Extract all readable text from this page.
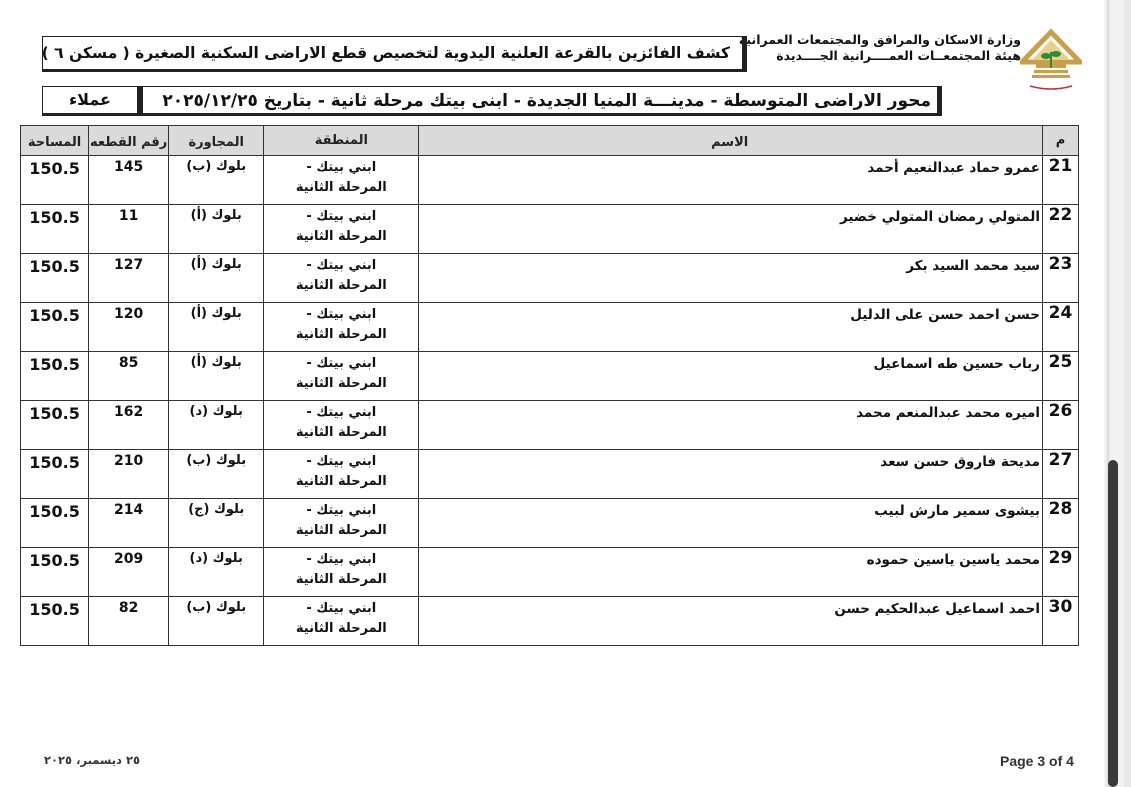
وزارة الاسكان والمرافق والمجتمعات العمرانية
هيئة المجتمعــات العمــــرانية الجــــديدة
كشف الفائزين بالقرعة العلنية اليدوية لتخصيص قطع الاراضى السكنية الصغيرة ( مسكن ٦ )
محور الاراضى المتوسطة - مدينـــة المنيا الجديدة - ابنى بيتك مرحلة ثانية - بتاريخ ٢٠٢٥/١٢/٢٥
عملاء
م	الاسم	المنطقة	المجاورة	رقم القطعه	المساحة
21	عمرو حماد عبدالنعيم أحمد	ابني بيتك - المرحلة الثانية	بلوك (ب)	145	150.5
22	المتولي رمضان المتولي خضير	ابني بيتك - المرحلة الثانية	بلوك (أ)	11	150.5
23	سيد محمد السيد بكر	ابني بيتك - المرحلة الثانية	بلوك (أ)	127	150.5
24	حسن احمد حسن على الدليل	ابني بيتك - المرحلة الثانية	بلوك (أ)	120	150.5
25	رباب حسين طه اسماعيل	ابني بيتك - المرحلة الثانية	بلوك (أ)	85	150.5
26	اميره محمد عبدالمنعم محمد	ابني بيتك - المرحلة الثانية	بلوك (د)	162	150.5
27	مديحة فاروق حسن سعد	ابني بيتك - المرحلة الثانية	بلوك (ب)	210	150.5
28	بيشوى سمير مارش لبيب	ابني بيتك - المرحلة الثانية	بلوك (ج)	214	150.5
29	محمد ياسين ياسين حموده	ابني بيتك - المرحلة الثانية	بلوك (د)	209	150.5
30	احمد اسماعيل عبدالحكيم حسن	ابني بيتك - المرحلة الثانية	بلوك (ب)	82	150.5
٢٥ ديسمبر، ٢٠٢٥	Page 3 of 4
